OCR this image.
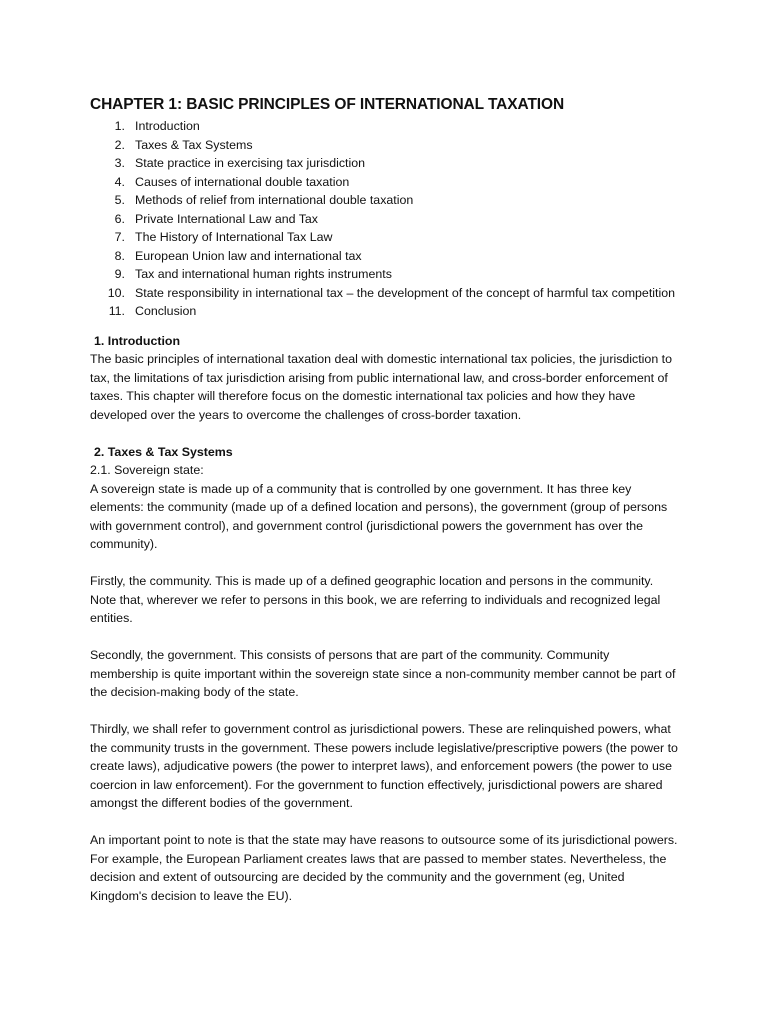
CHAPTER 1: BASIC PRINCIPLES OF INTERNATIONAL TAXATION
1. Introduction
2. Taxes & Tax Systems
3. State practice in exercising tax jurisdiction
4. Causes of international double taxation
5. Methods of relief from international double taxation
6. Private International Law and Tax
7. The History of International Tax Law
8. European Union law and international tax
9. Tax and international human rights instruments
10. State responsibility in international tax – the development of the concept of harmful tax competition
11. Conclusion
1. Introduction

The basic principles of international taxation deal with domestic international tax policies, the jurisdiction to tax, the limitations of tax jurisdiction arising from public international law, and cross-border enforcement of taxes. This chapter will therefore focus on the domestic international tax policies and how they have developed over the years to overcome the challenges of cross-border taxation.

2. Taxes & Tax Systems

2.1. Sovereign state:

A sovereign state is made up of a community that is controlled by one government. It has three key elements: the community (made up of a defined location and persons), the government (group of persons with government control), and government control (jurisdictional powers the government has over the community).

Firstly, the community. This is made up of a defined geographic location and persons in the community. Note that, wherever we refer to persons in this book, we are referring to individuals and recognized legal entities.

Secondly, the government. This consists of persons that are part of the community. Community membership is quite important within the sovereign state since a non-community member cannot be part of the decision-making body of the state.

Thirdly, we shall refer to government control as jurisdictional powers. These are relinquished powers, what the community trusts in the government. These powers include legislative/prescriptive powers (the power to create laws), adjudicative powers (the power to interpret laws), and enforcement powers (the power to use coercion in law enforcement). For the government to function effectively, jurisdictional powers are shared amongst the different bodies of the government.

An important point to note is that the state may have reasons to outsource some of its jurisdictional powers. For example, the European Parliament creates laws that are passed to member states. Nevertheless, the decision and extent of outsourcing are decided by the community and the government (eg, United Kingdom's decision to leave the EU).
